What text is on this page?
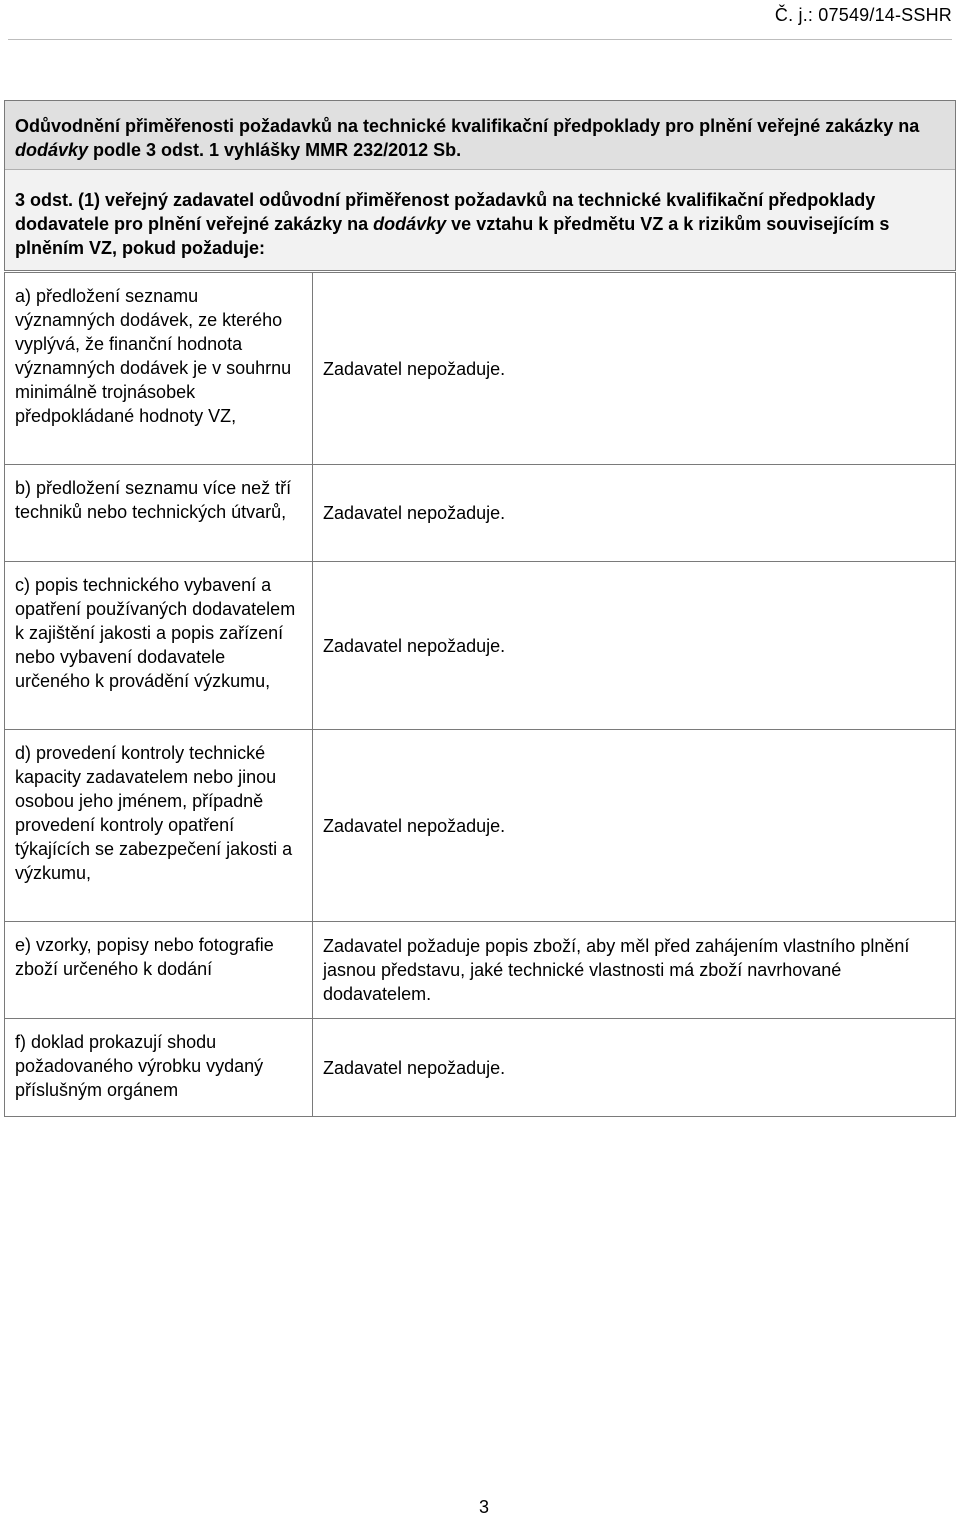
Č. j.: 07549/14-SSHR
Odůvodnění přiměřenosti požadavků na technické kvalifikační předpoklady pro plnění veřejné zakázky na dodávky podle 3 odst. 1 vyhlášky MMR 232/2012 Sb.
3 odst. (1) veřejný zadavatel odůvodní přiměřenost požadavků na technické kvalifikační předpoklady dodavatele pro plnění veřejné zakázky na dodávky ve vztahu k předmětu VZ a k rizikům souvisejícím s plněním VZ, pokud požaduje:
a) předložení seznamu významných dodávek, ze kterého vyplývá, že finanční hodnota významných dodávek je v souhrnu minimálně trojnásobek předpokládané hodnoty VZ,	Zadavatel nepožaduje.
b) předložení seznamu více než tří techniků nebo technických útvarů,	Zadavatel nepožaduje.
c) popis technického vybavení a opatření používaných dodavatelem k zajištění jakosti a popis zařízení nebo vybavení dodavatele určeného k provádění výzkumu,	Zadavatel nepožaduje.
d) provedení kontroly technické kapacity zadavatelem nebo jinou osobou jeho jménem, případně provedení kontroly opatření týkajících se zabezpečení jakosti a výzkumu,	Zadavatel nepožaduje.
e) vzorky, popisy nebo fotografie zboží určeného k dodání	Zadavatel požaduje popis zboží, aby měl před zahájením vlastního plnění jasnou představu, jaké technické vlastnosti má zboží navrhované dodavatelem.
f) doklad prokazují shodu požadovaného výrobku vydaný příslušným orgánem	Zadavatel nepožaduje.
3
